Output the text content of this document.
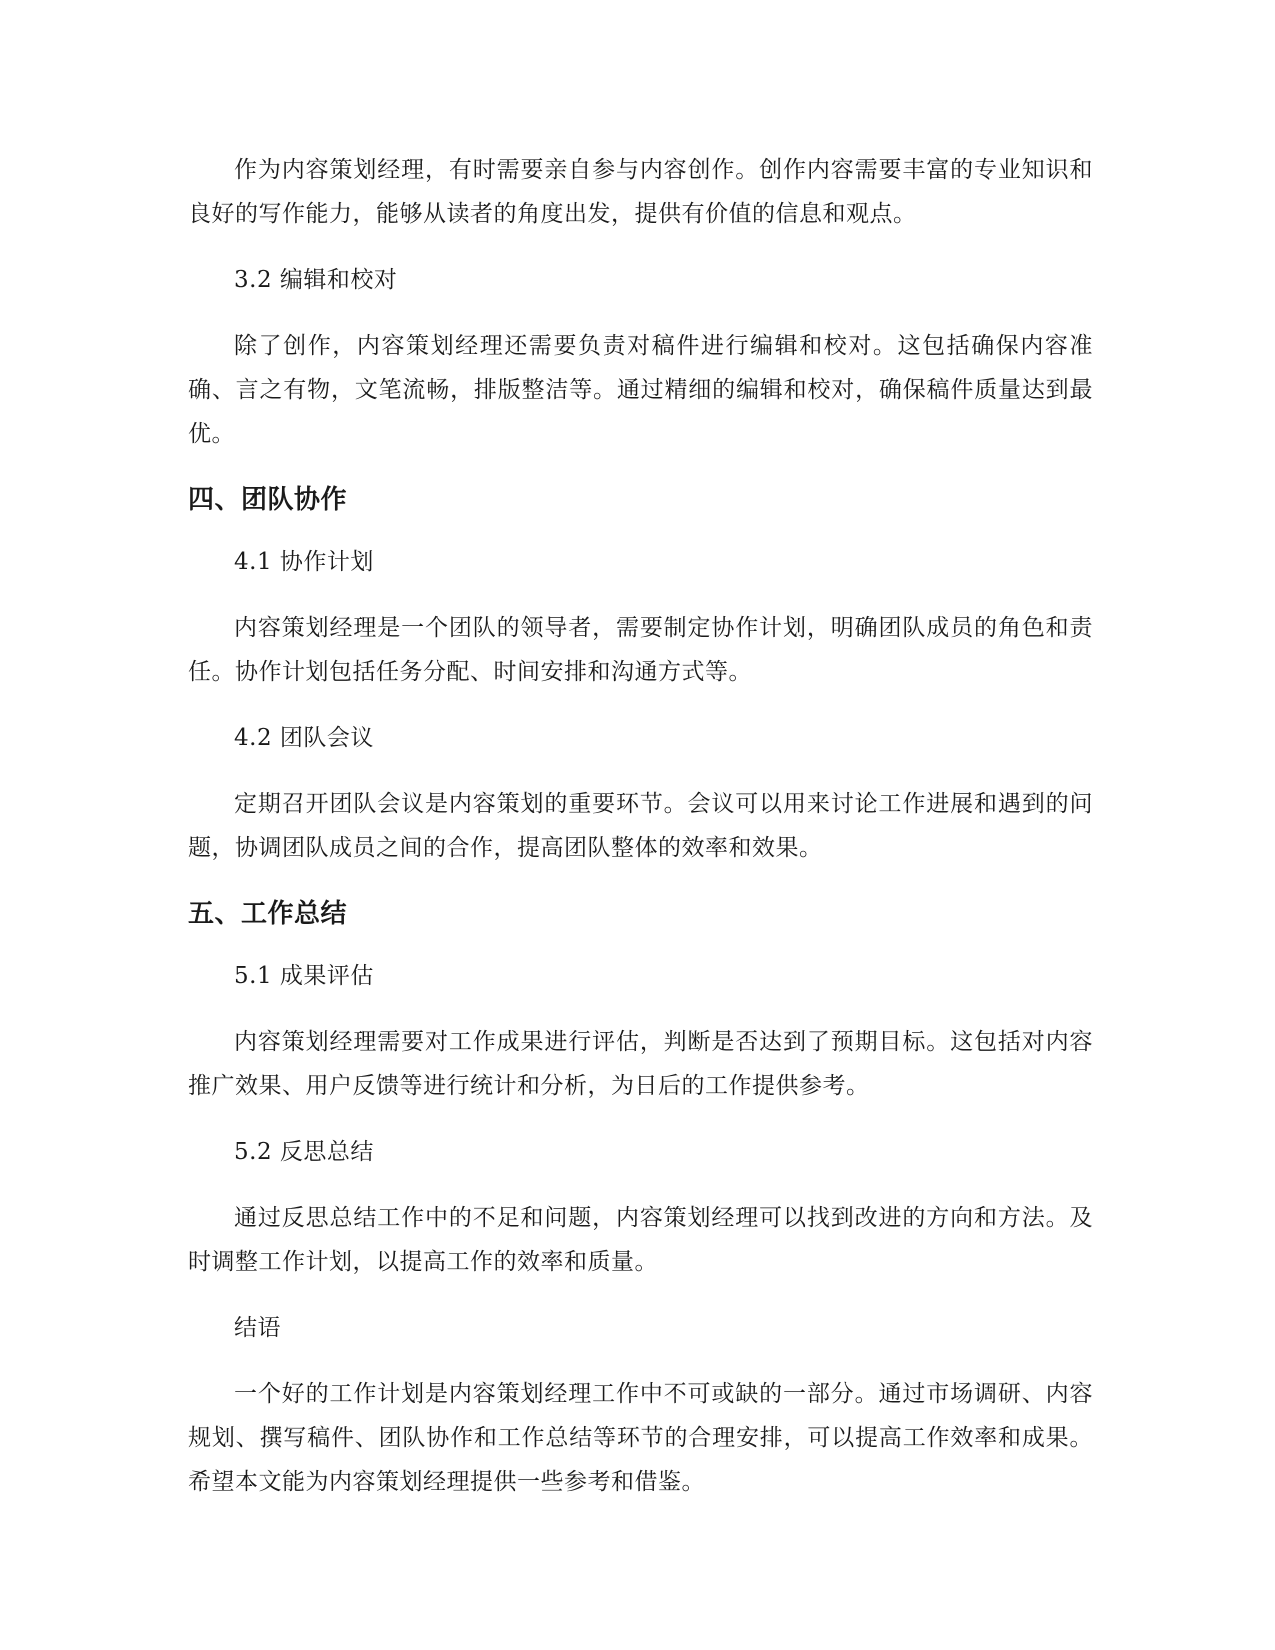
作为内容策划经理，有时需要亲自参与内容创作。创作内容需要丰富的专业知识和良好的写作能力，能够从读者的角度出发，提供有价值的信息和观点。

3.2 编辑和校对

除了创作，内容策划经理还需要负责对稿件进行编辑和校对。这包括确保内容准确、言之有物，文笔流畅，排版整洁等。通过精细的编辑和校对，确保稿件质量达到最优。

四、团队协作

4.1 协作计划

内容策划经理是一个团队的领导者，需要制定协作计划，明确团队成员的角色和责任。协作计划包括任务分配、时间安排和沟通方式等。

4.2 团队会议

定期召开团队会议是内容策划的重要环节。会议可以用来讨论工作进展和遇到的问题，协调团队成员之间的合作，提高团队整体的效率和效果。

五、工作总结

5.1 成果评估

内容策划经理需要对工作成果进行评估，判断是否达到了预期目标。这包括对内容推广效果、用户反馈等进行统计和分析，为日后的工作提供参考。

5.2 反思总结

通过反思总结工作中的不足和问题，内容策划经理可以找到改进的方向和方法。及时调整工作计划，以提高工作的效率和质量。

结语

一个好的工作计划是内容策划经理工作中不可或缺的一部分。通过市场调研、内容规划、撰写稿件、团队协作和工作总结等环节的合理安排，可以提高工作效率和成果。希望本文能为内容策划经理提供一些参考和借鉴。
